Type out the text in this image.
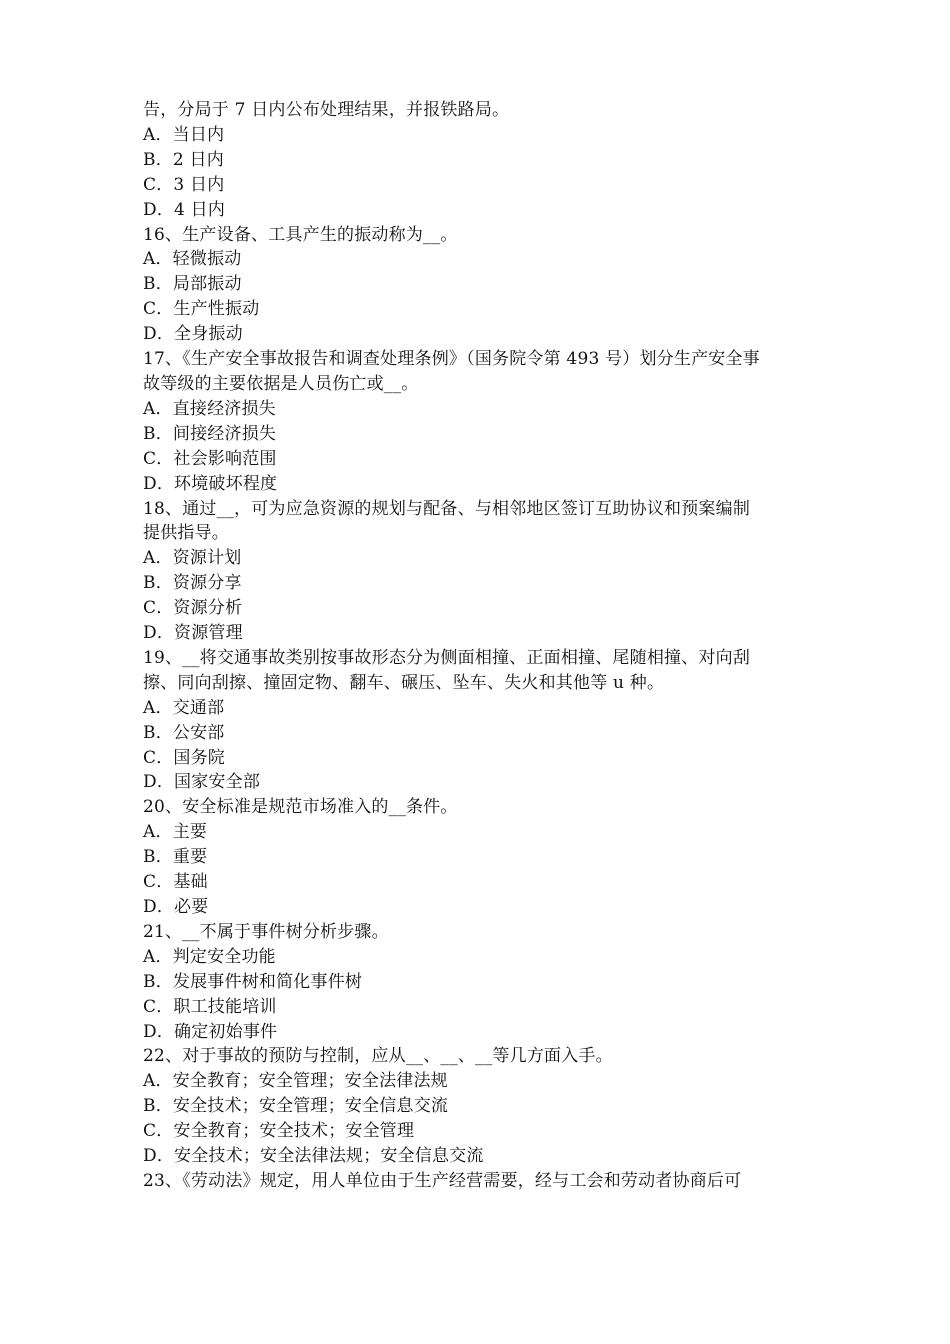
告，分局于 7 日内公布处理结果，并报铁路局。
A．当日内
B．2 日内
C．3 日内
D．4 日内
16、生产设备、工具产生的振动称为__。
A．轻微振动
B．局部振动
C．生产性振动
D．全身振动
17、《生产安全事故报告和调查处理条例》（国务院令第 493 号）划分生产安全事
故等级的主要依据是人员伤亡或__。
A．直接经济损失
B．间接经济损失
C．社会影响范围
D．环境破坏程度
18、通过__，可为应急资源的规划与配备、与相邻地区签订互助协议和预案编制
提供指导。
A．资源计划
B．资源分享
C．资源分析
D．资源管理
19、__将交通事故类别按事故形态分为侧面相撞、正面相撞、尾随相撞、对向刮
擦、同向刮擦、撞固定物、翻车、碾压、坠车、失火和其他等 u 种。
A．交通部
B．公安部
C．国务院
D．国家安全部
20、安全标准是规范市场准入的__条件。
A．主要
B．重要
C．基础
D．必要
21、__不属于事件树分析步骤。
A．判定安全功能
B．发展事件树和简化事件树
C．职工技能培训
D．确定初始事件
22、对于事故的预防与控制，应从__、__、__等几方面入手。
A．安全教育；安全管理；安全法律法规
B．安全技术；安全管理；安全信息交流
C．安全教育；安全技术；安全管理
D．安全技术；安全法律法规；安全信息交流
23、《劳动法》规定，用人单位由于生产经营需要，经与工会和劳动者协商后可
